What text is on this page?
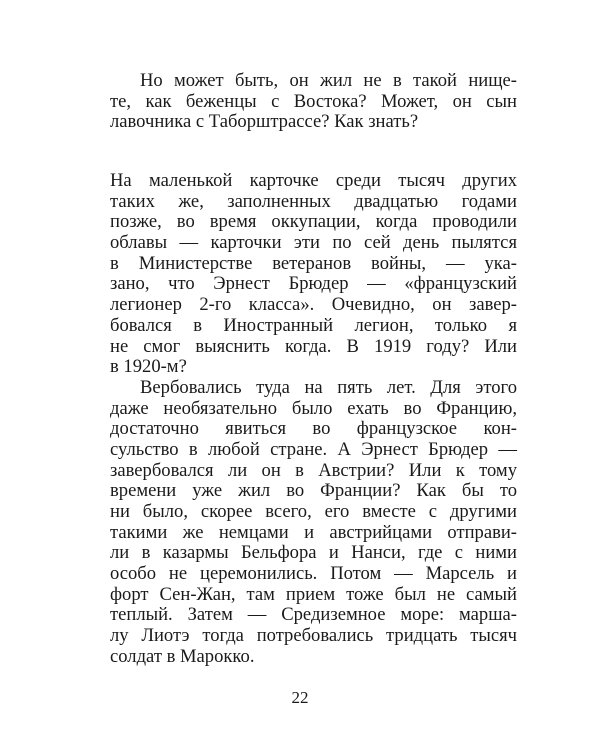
Но может быть, он жил не в такой нище-
те, как беженцы с Востока? Может, он сын
лавочника с Таборштрассе? Как знать?
На маленькой карточке среди тысяч других
таких же, заполненных двадцатью годами
позже, во время оккупации, когда проводили
облавы — карточки эти по сей день пылятся
в Министерстве ветеранов войны, — ука-
зано, что Эрнест Брюдер — «французский
легионер 2-го класса». Очевидно, он завер-
бовался в Иностранный легион, только я
не смог выяснить когда. В 1919 году? Или
в 1920-м?
Вербовались туда на пять лет. Для этого
даже необязательно было ехать во Францию,
достаточно явиться во французское кон-
сульство в любой стране. А Эрнест Брюдер —
завербовался ли он в Австрии? Или к тому
времени уже жил во Франции? Как бы то
ни было, скорее всего, его вместе с другими
такими же немцами и австрийцами отправи-
ли в казармы Бельфора и Нанси, где с ними
особо не церемонились. Потом — Марсель и
форт Сен-Жан, там прием тоже был не самый
теплый. Затем — Средиземное море: марша-
лу Лиотэ тогда потребовались тридцать тысяч
солдат в Марокко.
22
